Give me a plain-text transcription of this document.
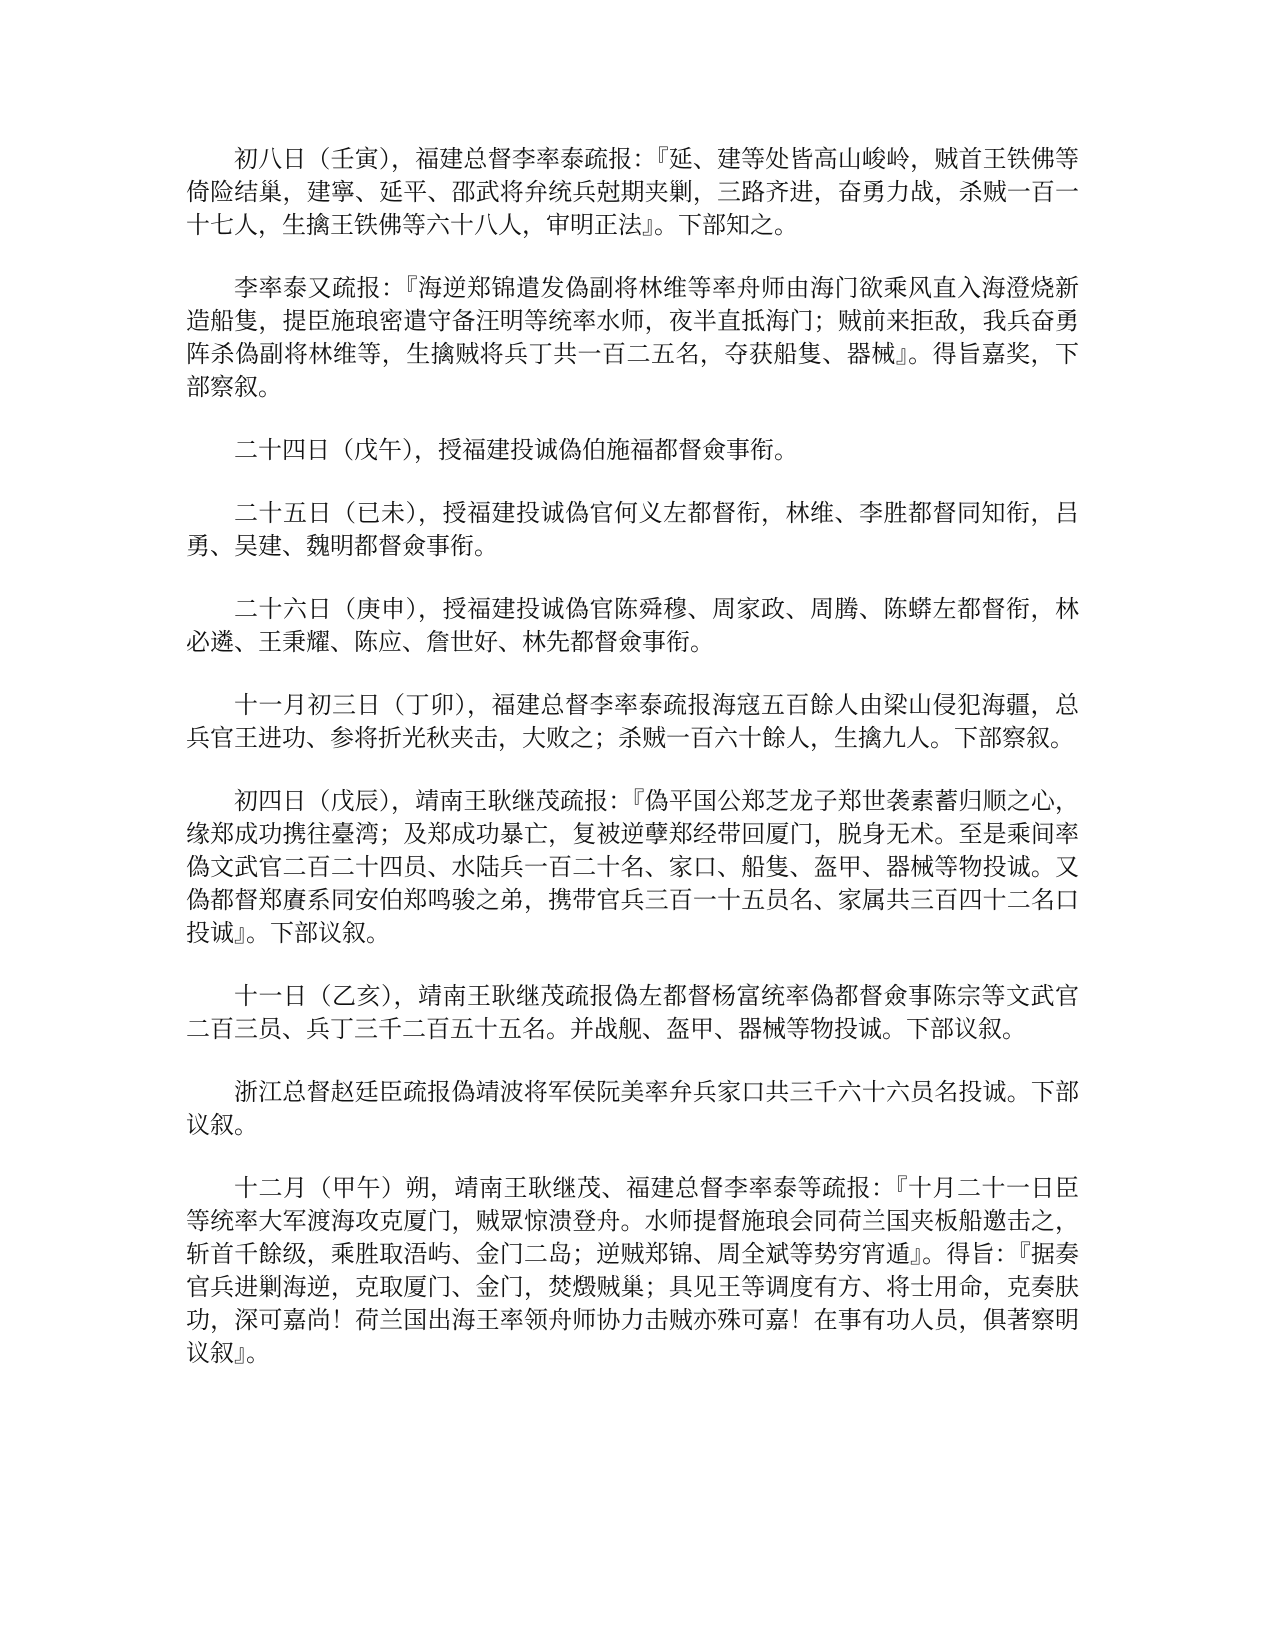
初八日（壬寅），福建总督李率泰疏报：『延、建等处皆高山峻岭，贼首王铁佛等倚险结巢，建寧、延平、邵武将弁统兵尅期夹剿，三路齐进，奋勇力战，杀贼一百一十七人，生擒王铁佛等六十八人，审明正法』。下部知之。

李率泰又疏报：『海逆郑锦遣发偽副将林维等率舟师由海门欲乘风直入海澄烧新造船隻，提臣施琅密遣守备汪明等统率水师，夜半直抵海门；贼前来拒敌，我兵奋勇阵杀偽副将林维等，生擒贼将兵丁共一百二五名，夺获船隻、器械』。得旨嘉奖，下部察叙。

二十四日（戊午），授福建投诚偽伯施福都督僉事衔。

二十五日（已未），授福建投诚偽官何义左都督衔，林维、李胜都督同知衔，吕勇、吴建、魏明都督僉事衔。

二十六日（庚申），授福建投诚偽官陈舜穆、周家政、周腾、陈蟒左都督衔，林必遴、王秉耀、陈应、詹世好、林先都督僉事衔。

十一月初三日（丁卯），福建总督李率泰疏报海寇五百餘人由梁山侵犯海疆，总兵官王进功、参将折光秋夹击，大败之；杀贼一百六十餘人，生擒九人。下部察叙。

初四日（戊辰），靖南王耿继茂疏报：『偽平国公郑芝龙子郑世袭素蓄归顺之心，缘郑成功携往臺湾；及郑成功暴亡，复被逆孽郑经带回厦门，脱身无术。至是乘间率偽文武官二百二十四员、水陆兵一百二十名、家口、船隻、盔甲、器械等物投诚。又偽都督郑賡系同安伯郑鸣骏之弟，携带官兵三百一十五员名、家属共三百四十二名口投诚』。下部议叙。

十一日（乙亥），靖南王耿继茂疏报偽左都督杨富统率偽都督僉事陈宗等文武官二百三员、兵丁三千二百五十五名。并战舰、盔甲、器械等物投诚。下部议叙。

浙江总督赵廷臣疏报偽靖波将军侯阮美率弁兵家口共三千六十六员名投诚。下部议叙。

十二月（甲午）朔，靖南王耿继茂、福建总督李率泰等疏报：『十月二十一日臣等统率大军渡海攻克厦门，贼眾惊溃登舟。水师提督施琅会同荷兰国夹板船邀击之，斩首千餘级，乘胜取浯屿、金门二岛；逆贼郑锦、周全斌等势穷宵遁』。得旨：『据奏官兵进剿海逆，克取厦门、金门，焚燬贼巢；具见王等调度有方、将士用命，克奏肤功，深可嘉尚！荷兰国出海王率领舟师协力击贼亦殊可嘉！在事有功人员，俱著察明议叙』。
